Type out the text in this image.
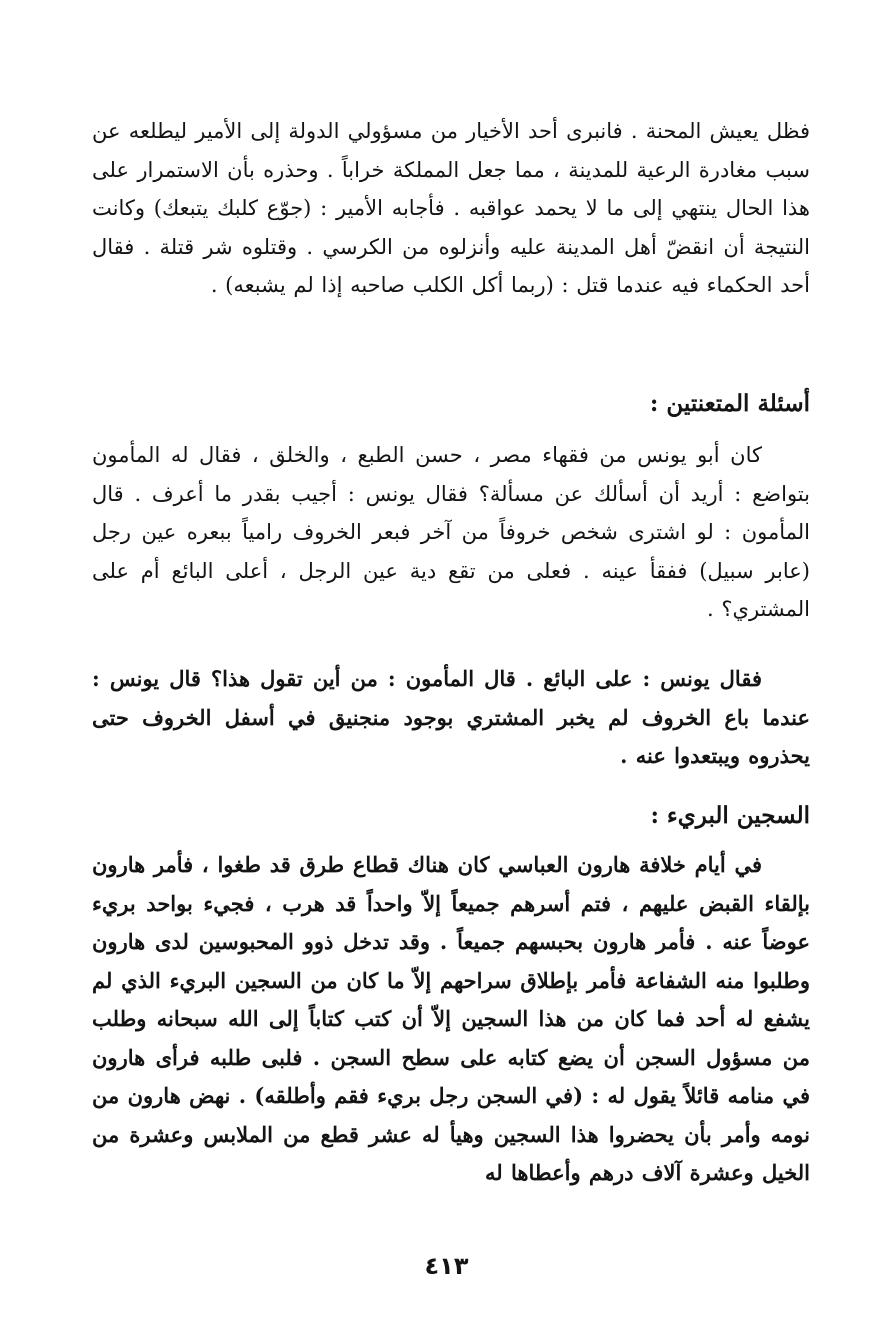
فظل يعيش المحنة . فانبرى أحد الأخيار من مسؤولي الدولة إلى الأمير ليطلعه عن سبب مغادرة الرعية للمدينة ، مما جعل المملكة خراباً . وحذره بأن الاستمرار على هذا الحال ينتهي إلى ما لا يحمد عواقبه . فأجابه الأمير : (جوّع كلبك يتبعك) وكانت النتيجة أن انقضّ أهل المدينة عليه وأنزلوه من الكرسي . وقتلوه شر قتلة . فقال أحد الحكماء فيه عندما قتل : (ربما أكل الكلب صاحبه إذا لم يشبعه) .

أسئلة المتعنتين :

كان أبو يونس من فقهاء مصر ، حسن الطبع ، والخلق ، فقال له المأمون بتواضع : أريد أن أسألك عن مسألة؟ فقال يونس : أجيب بقدر ما أعرف . قال المأمون : لو اشترى شخص خروفاً من آخر فبعر الخروف رامياً ببعره عين رجل (عابر سبيل) ففقأ عينه . فعلى من تقع دية عين الرجل ، أعلى البائع أم على المشتري؟ .

فقال يونس : على البائع . قال المأمون : من أين تقول هذا؟ قال يونس : عندما باع الخروف لم يخبر المشتري بوجود منجنيق في أسفل الخروف حتى يحذروه ويبتعدوا عنه .

السجين البريء :

في أيام خلافة هارون العباسي كان هناك قطاع طرق قد طغوا ، فأمر هارون بإلقاء القبض عليهم ، فتم أسرهم جميعاً إلاّ واحداً قد هرب ، فجيء بواحد بريء عوضاً عنه . فأمر هارون بحبسهم جميعاً . وقد تدخل ذوو المحبوسين لدى هارون وطلبوا منه الشفاعة فأمر بإطلاق سراحهم إلاّ ما كان من السجين البريء الذي لم يشفع له أحد فما كان من هذا السجين إلاّ أن كتب كتاباً إلى الله سبحانه وطلب من مسؤول السجن أن يضع كتابه على سطح السجن . فلبى طلبه فرأى هارون في منامه قائلاً يقول له : (في السجن رجل بريء فقم وأطلقه) . نهض هارون من نومه وأمر بأن يحضروا هذا السجين وهيأ له عشر قطع من الملابس وعشرة من الخيل وعشرة آلاف درهم وأعطاها له

٤١٣
